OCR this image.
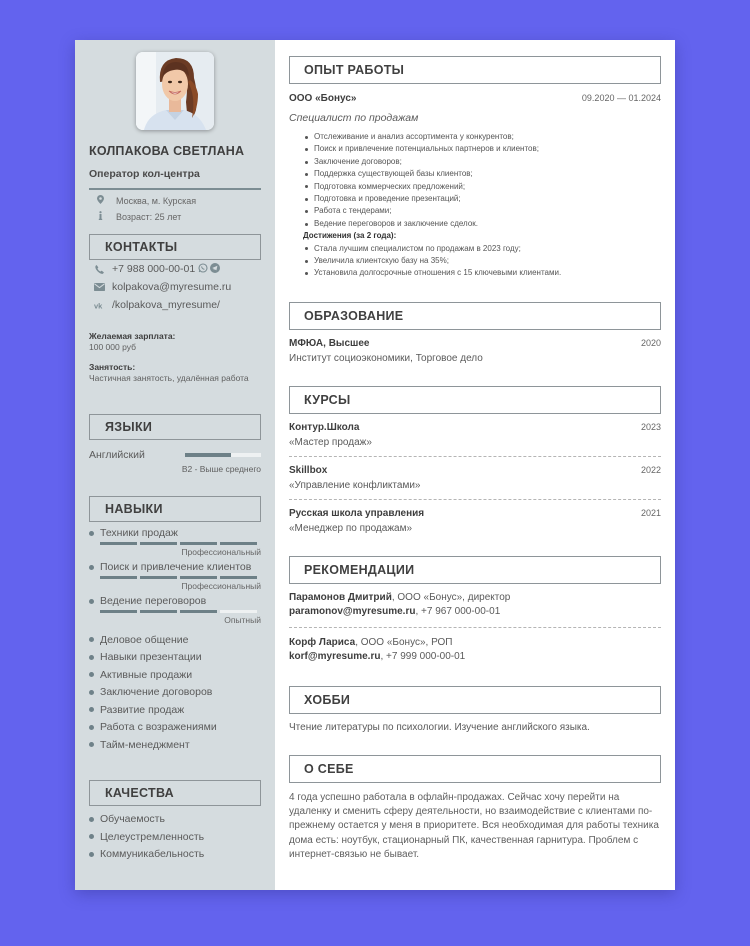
КОЛПАКОВА СВЕТЛАНА
Оператор кол-центра
Москва, м. Курская
Возраст: 25 лет
КОНТАКТЫ
+7 988 000-00-01
kolpakova@myresume.ru
vk /kolpakova_myresume/
Желаемая зарплата:
100 000 руб
Занятость:
Частичная занятость, удалённая работа
ЯЗЫКИ
Английский
B2 - Выше среднего
НАВЫКИ
Техники продаж
Профессиональный
Поиск и привлечение клиентов
Профессиональный
Ведение переговоров
Опытный
Деловое общение
Навыки презентации
Активные продажи
Заключение договоров
Развитие продаж
Работа с возражениями
Тайм-менеджмент
КАЧЕСТВА
Обучаемость
Целеустремленность
Коммуникабельность
ОПЫТ РАБОТЫ
ООО «Бонус»	09.2020 — 01.2024
Специалист по продажам
Отслеживание и анализ ассортимента у конкурентов;
Поиск и привлечение потенциальных партнеров и клиентов;
Заключение договоров;
Поддержка существующей базы клиентов;
Подготовка коммерческих предложений;
Подготовка и проведение презентаций;
Работа с тендерами;
Ведение переговоров и заключение сделок.
Достижения (за 2 года):
Стала лучшим специалистом по продажам в 2023 году;
Увеличила клиентскую базу на 35%;
Установила долгосрочные отношения с 15 ключевыми клиентами.
ОБРАЗОВАНИЕ
МФЮА, Высшее	2020
Институт социоэкономики, Торговое дело
КУРСЫ
Контур.Школа	2023
«Мастер продаж»
Skillbox	2022
«Управление конфликтами»
Русская школа управления	2021
«Менеджер по продажам»
РЕКОМЕНДАЦИИ
Парамонов Дмитрий, ООО «Бонус», директор
paramonov@myresume.ru, +7 967 000-00-01
Корф Лариса, ООО «Бонус», РОП
korf@myresume.ru, +7 999 000-00-01
ХОББИ
Чтение литературы по психологии. Изучение английского языка.
О СЕБЕ
4 года успешно работала в офлайн-продажах. Сейчас хочу перейти на удаленку и сменить сферу деятельности, но взаимодействие с клиентами по-прежнему остается у меня в приоритете. Вся необходимая для работы техника дома есть: ноутбук, стационарный ПК, качественная гарнитура. Проблем с интернет-связью не бывает.
